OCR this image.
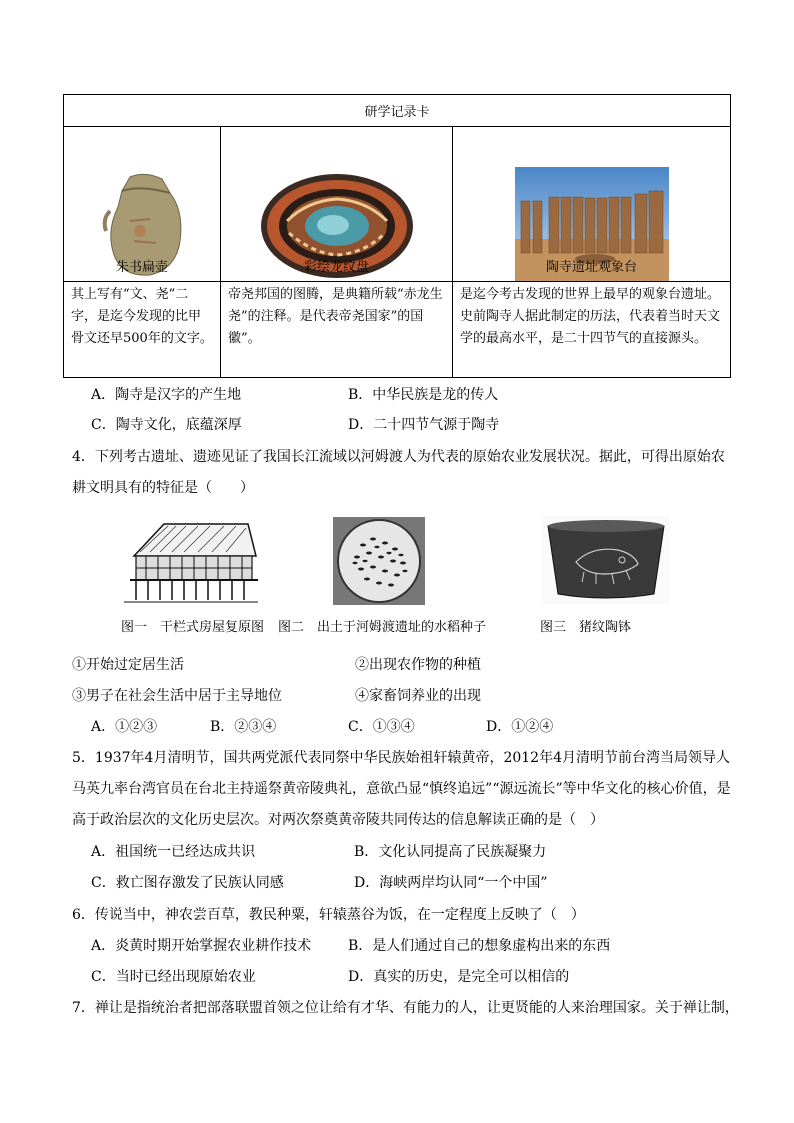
研学记录卡		

朱书扁壶	彩绘龙纹盘	陶寺遗址观象台

其上写有“文、尧”二字，是迄今发现的比甲骨文还早500年的文字。	帝尧邦国的图腾，是典籍所载“赤龙生尧”的注释。是代表帝尧国家”的国徽”。	是迄今考古发现的世界上最早的观象台遗址。史前陶寺人据此制定的历法，代表着当时天文学的最高水平，是二十四节气的直接源头。
A．陶寺是汉字的产生地	B．中华民族是龙的传人
C．陶寺文化，底蕴深厚	D．二十四节气源于陶寺
4．下列考古遗址、遗迹见证了我国长江流域以河姆渡人为代表的原始农业发展状况。据此，可得出原始农
耕文明具有的特征是（　　）
图一　干栏式房屋复原图 图二　出土于河姆渡遗址的水稻种子	图三　猪纹陶钵
①开始过定居生活	②出现农作物的种植
③男子在社会生活中居于主导地位	④家畜饲养业的出现
A．①②③	B．②③④	C．①③④	D．①②④
5．1937年4月清明节，国共两党派代表同祭中华民族始祖轩辕黄帝，2012年4月清明节前台湾当局领导人
马英九率台湾官员在台北主持遥祭黄帝陵典礼，意欲凸显“慎终追远”“源远流长”等中华文化的核心价值，是
高于政治层次的文化历史层次。对两次祭奠黄帝陵共同传达的信息解读正确的是（　）
A．祖国统一已经达成共识	B．文化认同提高了民族凝聚力
C．救亡图存激发了民族认同感	D．海峡两岸均认同“一个中国”
6．传说当中，神农尝百草，教民种粟，轩辕蒸谷为饭，在一定程度上反映了（　）
A．炎黄时期开始掌握农业耕作技术	B．是人们通过自己的想象虚构出来的东西
C．当时已经出现原始农业	D．真实的历史，是完全可以相信的
7．禅让是指统治者把部落联盟首领之位让给有才华、有能力的人，让更贤能的人来治理国家。关于禅让制，
